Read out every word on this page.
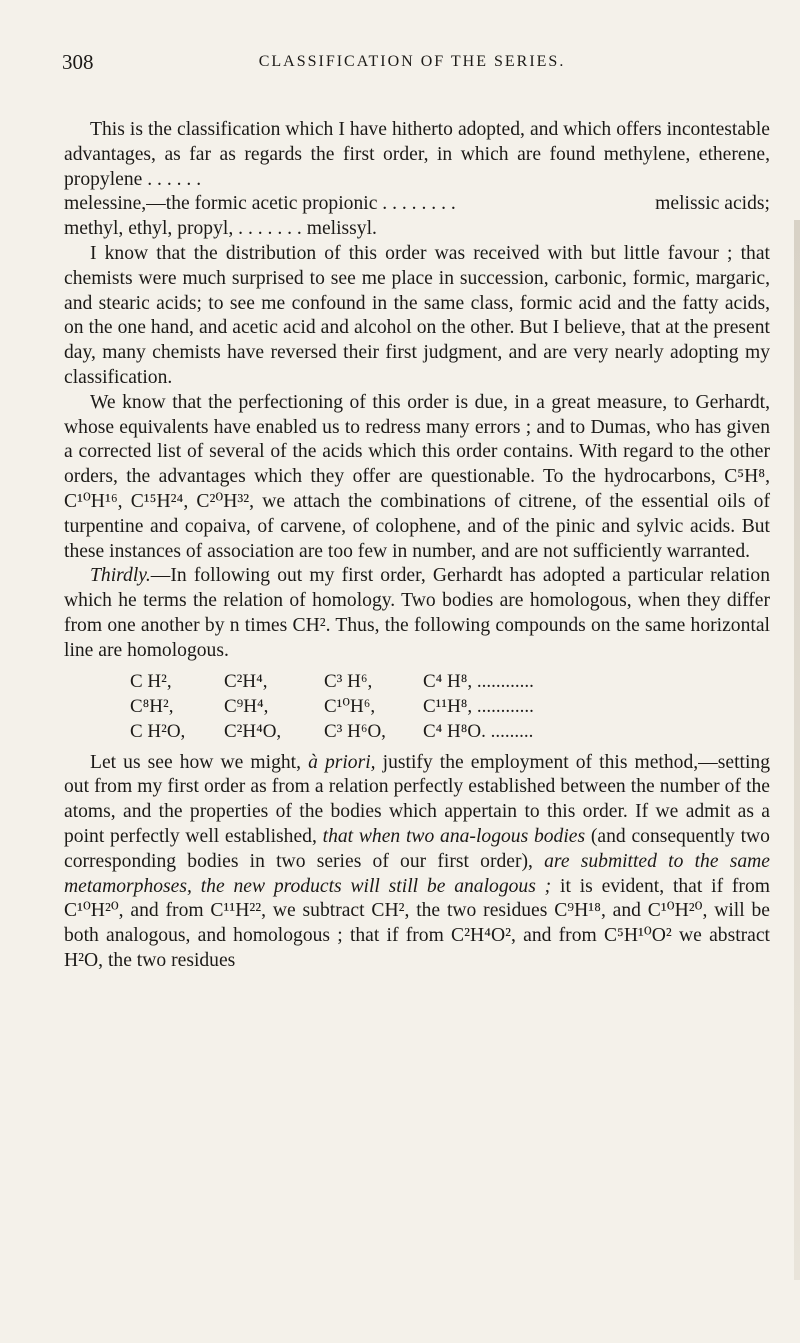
308	CLASSIFICATION OF THE SERIES.

This is the classification which I have hitherto adopted, and which offers incontestable advantages, as far as regards the first order, in which are found methylene, etherene, propylene . . . . . .

melessine,—the formic acetic propionic . . . . . . . .	melissic acids;

methyl, ethyl, propyl, . . . . . . . melissyl.

I know that the distribution of this order was received with but little favour ; that chemists were much surprised to see me place in succession, carbonic, formic, margaric, and stearic acids; to see me confound in the same class, formic acid and the fatty acids, on the one hand, and acetic acid and alcohol on the other. But I believe, that at the present day, many chemists have reversed their first judgment, and are very nearly adopting my classification.

We know that the perfectioning of this order is due, in a great measure, to Gerhardt, whose equivalents have enabled us to redress many errors ; and to Dumas, who has given a corrected list of several of the acids which this order contains. With regard to the other orders, the advantages which they offer are questionable. To the hydrocarbons, C⁵H⁸, C¹⁰H¹⁶, C¹⁵H²⁴, C²⁰H³², we attach the combinations of citrene, of the essential oils of turpentine and copaiva, of carvene, of colophene, and of the pinic and sylvic acids. But these instances of association are too few in number, and are not sufficiently warranted.

Thirdly.—In following out my first order, Gerhardt has adopted a particular relation which he terms the relation of homology. Two bodies are homologous, when they differ from one another by n times CH². Thus, the following compounds on the same horizontal line are homologous.

C H²,	C²H⁴,	C³ H⁶,	C⁴ H⁸, ............
C⁸H²,	C⁹H⁴,	C¹⁰H⁶,	C¹¹H⁸, ............
C H²O,	C²H⁴O,	C³ H⁶O,	C⁴ H⁸O. .........

Let us see how we might, à priori, justify the employment of this method,—setting out from my first order as from a relation perfectly established between the number of the atoms, and the properties of the bodies which appertain to this order. If we admit as a point perfectly well established, that when two ana-logous bodies (and consequently two corresponding bodies in two series of our first order), are submitted to the same metamorphoses, the new products will still be analogous ; it is evident, that if from C¹⁰H²⁰, and from C¹¹H²², we subtract CH², the two residues C⁹H¹⁸, and C¹⁰H²⁰, will be both analogous, and homologous ; that if from C²H⁴O², and from C⁵H¹⁰O² we abstract H²O, the two residues
